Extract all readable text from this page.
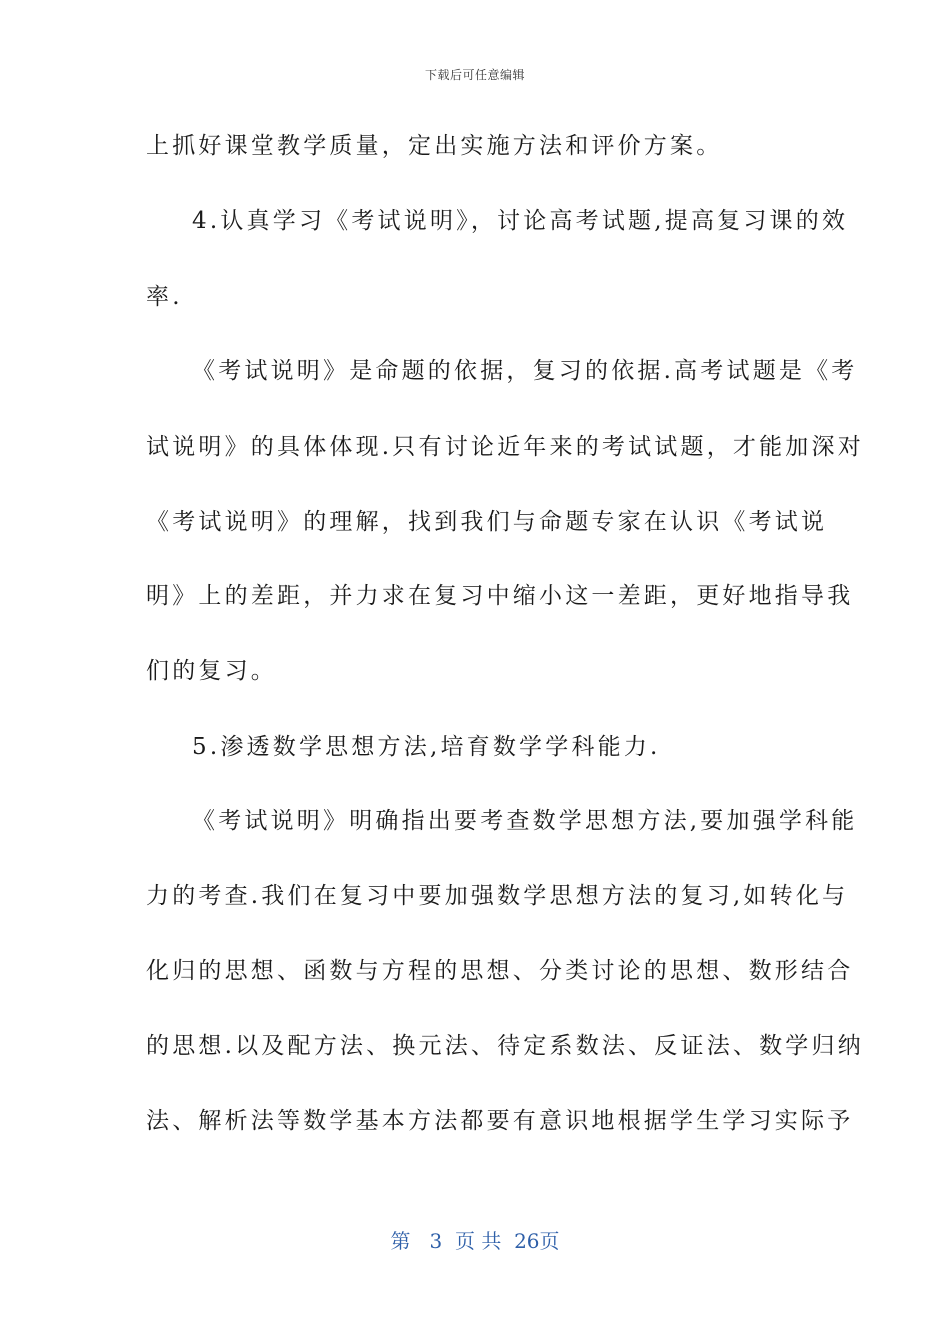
下载后可任意编辑
上抓好课堂教学质量，定出实施方法和评价方案。
4.认真学习《考试说明》，讨论高考试题,提高复习课的效
率.
《考试说明》是命题的依据，复习的依据.高考试题是《考
试说明》的具体体现.只有讨论近年来的考试试题，才能加深对
《考试说明》的理解，找到我们与命题专家在认识《考试说
明》上的差距，并力求在复习中缩小这一差距，更好地指导我
们的复习。
5.渗透数学思想方法,培育数学学科能力.
《考试说明》明确指出要考查数学思想方法,要加强学科能
力的考查.我们在复习中要加强数学思想方法的复习,如转化与
化归的思想、函数与方程的思想、分类讨论的思想、数形结合
的思想.以及配方法、换元法、待定系数法、反证法、数学归纳
法、解析法等数学基本方法都要有意识地根据学生学习实际予
第 3 页 共 26页
